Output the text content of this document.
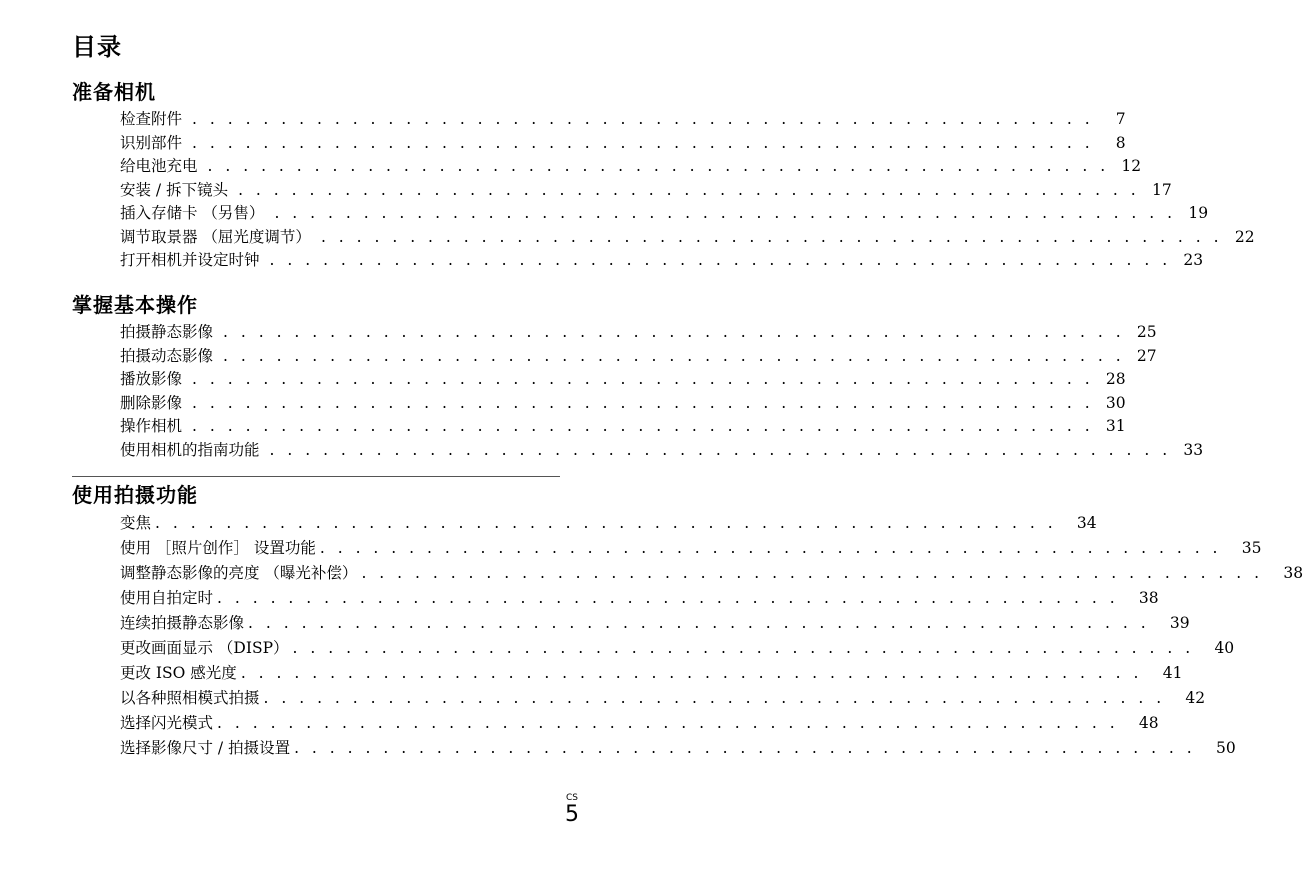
目录
准备相机
检查附件 . . . . . . . . . . . . . . . . . . . . . . . . . . . . . . . . . . . . . . . . . . . . . . . . . . .	7
识别部件 . . . . . . . . . . . . . . . . . . . . . . . . . . . . . . . . . . . . . . . . . . . . . . . . . . .	8
给电池充电 . . . . . . . . . . . . . . . . . . . . . . . . . . . . . . . . . . . . . . . . . . . . . . . . . . . 12
安装 / 拆下镜头 . . . . . . . . . . . . . . . . . . . . . . . . . . . . . . . . . . . . . . . . . . . . . . . . . . . 17
插入存储卡 （另售） . . . . . . . . . . . . . . . . . . . . . . . . . . . . . . . . . . . . . . . . . . . . . . . . . . . 19
调节取景器 （屈光度调节） . . . . . . . . . . . . . . . . . . . . . . . . . . . . . . . . . . . . . . . . . . . . . . . . . . . 22
打开相机并设定时钟 . . . . . . . . . . . . . . . . . . . . . . . . . . . . . . . . . . . . . . . . . . . . . . . . . . . 23
掌握基本操作
拍摄静态影像 . . . . . . . . . . . . . . . . . . . . . . . . . . . . . . . . . . . . . . . . . . . . . . . . . . . 25
拍摄动态影像 . . . . . . . . . . . . . . . . . . . . . . . . . . . . . . . . . . . . . . . . . . . . . . . . . . . 27
播放影像 . . . . . . . . . . . . . . . . . . . . . . . . . . . . . . . . . . . . . . . . . . . . . . . . . . . 28
删除影像 . . . . . . . . . . . . . . . . . . . . . . . . . . . . . . . . . . . . . . . . . . . . . . . . . . . 30
操作相机 . . . . . . . . . . . . . . . . . . . . . . . . . . . . . . . . . . . . . . . . . . . . . . . . . . . 31
使用相机的指南功能 . . . . . . . . . . . . . . . . . . . . . . . . . . . . . . . . . . . . . . . . . . . . . . . . . . . 33
使用拍摄功能
变焦 . . . . . . . . . . . . . . . . . . . . . . . . . . . . . . . . . . . . . . . . . . . . . . . . . . . 34
使用 ［照片创作］ 设置功能 . . . . . . . . . . . . . . . . . . . . . . . . . . . . . . . . . . . . . . . . . . . . . . . . . . . 35
调整静态影像的亮度 （曝光补偿） . . . . . . . . . . . . . . . . . . . . . . . . . . . . . . . . . . . . . . . . . . . . . . . . . . . 38
使用自拍定时 . . . . . . . . . . . . . . . . . . . . . . . . . . . . . . . . . . . . . . . . . . . . . . . . . . . 38
连续拍摄静态影像 . . . . . . . . . . . . . . . . . . . . . . . . . . . . . . . . . . . . . . . . . . . . . . . . . . . 39
更改画面显示 （DISP） . . . . . . . . . . . . . . . . . . . . . . . . . . . . . . . . . . . . . . . . . . . . . . . . . . . 40
更改 ISO 感光度 . . . . . . . . . . . . . . . . . . . . . . . . . . . . . . . . . . . . . . . . . . . . . . . . . . . 41
以各种照相模式拍摄 . . . . . . . . . . . . . . . . . . . . . . . . . . . . . . . . . . . . . . . . . . . . . . . . . . . 42
选择闪光模式 . . . . . . . . . . . . . . . . . . . . . . . . . . . . . . . . . . . . . . . . . . . . . . . . . . . 48
选择影像尺寸 / 拍摄设置 . . . . . . . . . . . . . . . . . . . . . . . . . . . . . . . . . . . . . . . . . . . . . . . . . . . 50
CS
5
